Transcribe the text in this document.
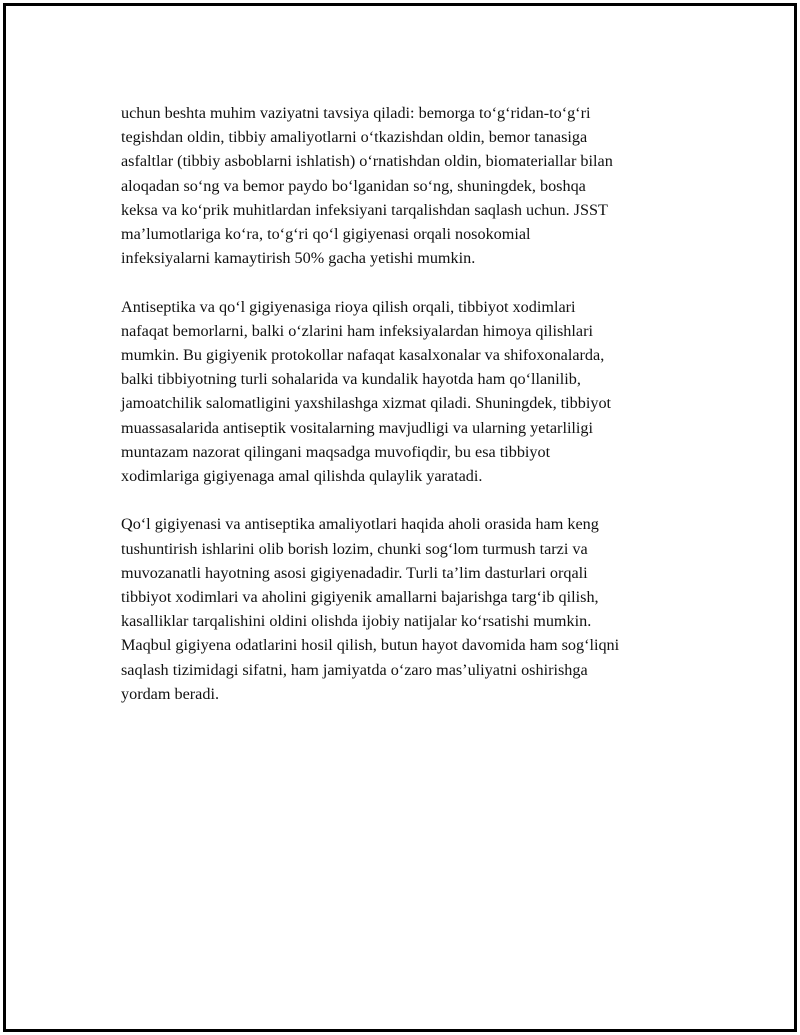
uchun beshta muhim vaziyatni tavsiya qiladi: bemorga to‘g‘ridan-to‘g‘ri
tegishdan oldin, tibbiy amaliyotlarni o‘tkazishdan oldin, bemor tanasiga
asfaltlar (tibbiy asboblarni ishlatish) o‘rnatishdan oldin, biomateriallar bilan
aloqadan so‘ng va bemor paydo bo‘lganidan so‘ng, shuningdek, boshqa
keksa va ko‘prik muhitlardan infeksiyani tarqalishdan saqlash uchun. JSST
ma’lumotlariga ko‘ra, to‘g‘ri qo‘l gigiyenasi orqali nosokomial
infeksiyalarni kamaytirish 50% gacha yetishi mumkin.

Antiseptika va qo‘l gigiyenasiga rioya qilish orqali, tibbiyot xodimlari
nafaqat bemorlarni, balki o‘zlarini ham infeksiyalardan himoya qilishlari
mumkin. Bu gigiyenik protokollar nafaqat kasalxonalar va shifoxonalarda,
balki tibbiyotning turli sohalarida va kundalik hayotda ham qo‘llanilib,
jamoatchilik salomatligini yaxshilashga xizmat qiladi. Shuningdek, tibbiyot
muassasalarida antiseptik vositalarning mavjudligi va ularning yetarliligi
muntazam nazorat qilingani maqsadga muvofiqdir, bu esa tibbiyot
xodimlariga gigiyenaga amal qilishda qulaylik yaratadi.

Qo‘l gigiyenasi va antiseptika amaliyotlari haqida aholi orasida ham keng
tushuntirish ishlarini olib borish lozim, chunki sog‘lom turmush tarzi va
muvozanatli hayotning asosi gigiyenadadir. Turli ta’lim dasturlari orqali
tibbiyot xodimlari va aholini gigiyenik amallarni bajarishga targ‘ib qilish,
kasalliklar tarqalishini oldini olishda ijobiy natijalar ko‘rsatishi mumkin.
Maqbul gigiyena odatlarini hosil qilish, butun hayot davomida ham sog‘liqni
saqlash tizimidagi sifatni, ham jamiyatda o‘zaro mas’uliyatni oshirishga
yordam beradi.
